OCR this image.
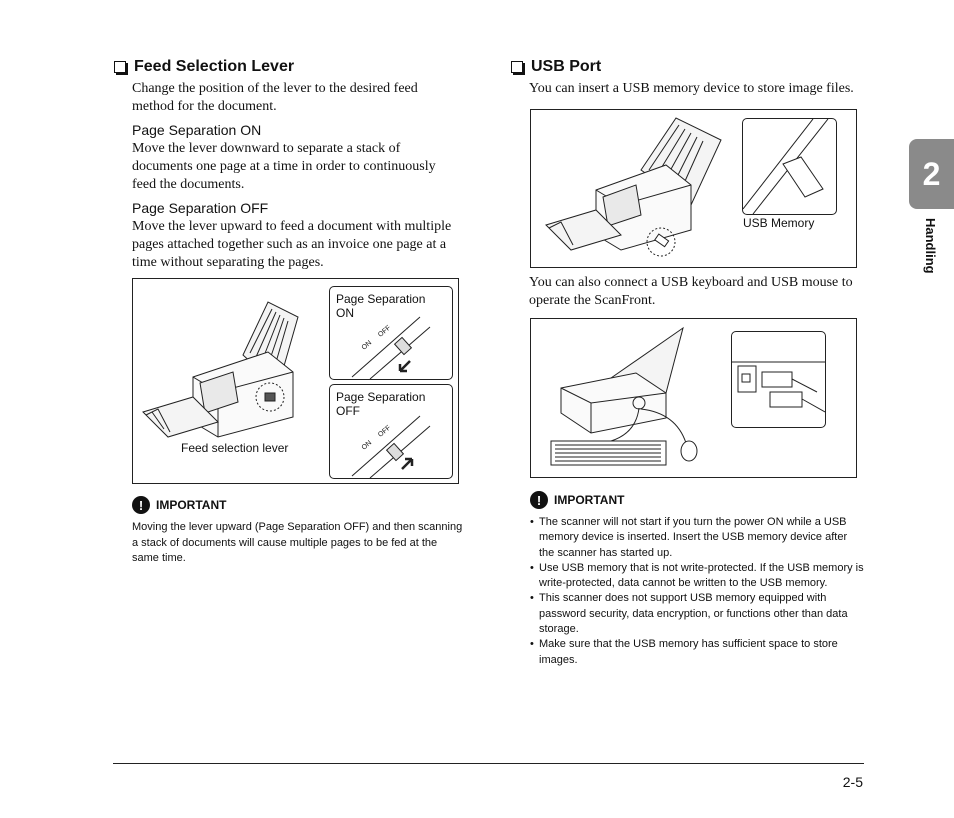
Feed Selection Lever

Change the position of the lever to the desired feed method for the document.

Page Separation ON

Move the lever downward to separate a stack of documents one page at a time in order to continuously feed the documents.

Page Separation OFF

Move the lever upward to feed a document with multiple pages attached together such as an invoice one page at a time without separating the pages.

Feed selection lever
Page Separation ON
OFF
ON
Page Separation OFF
OFF
ON
!	IMPORTANT
Moving the lever upward (Page Separation OFF) and then scanning a stack of documents will cause multiple pages to be fed at the same time.
USB Port

You can insert a USB memory device to store image files.

USB Memory

You can also connect a USB keyboard and USB mouse to operate the ScanFront.

!	IMPORTANT
• The scanner will not start if you turn the power ON while a USB memory device is inserted. Insert the USB memory device after the scanner has started up.
• Use USB memory that is not write-protected. If the USB memory is write-protected, data cannot be written to the USB memory.
• This scanner does not support USB memory equipped with password security, data encryption, or functions other than data storage.
• Make sure that the USB memory has sufficient space to store images.
2
Handling
2-5
